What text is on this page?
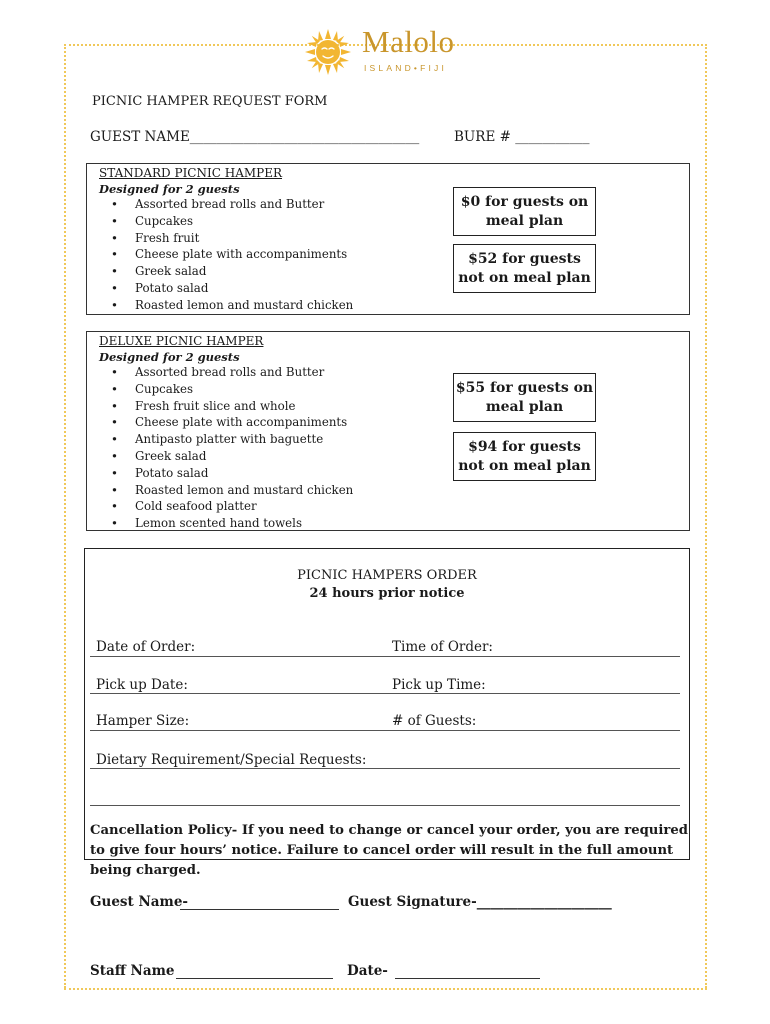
Malolo
ISLAND•FIJI
PICNIC HAMPER REQUEST FORM
GUEST NAME__________________________________	BURE # ___________
STANDARD PICNIC HAMPER
Designed for 2 guests
• Assorted bread rolls and Butter
• Cupcakes
• Fresh fruit
• Cheese plate with accompaniments
• Greek salad
• Potato salad
• Roasted lemon and mustard chicken
$0 for guests on meal plan
$52 for guests not on meal plan
DELUXE PICNIC HAMPER
Designed for 2 guests
• Assorted bread rolls and Butter
• Cupcakes
• Fresh fruit slice and whole
• Cheese plate with accompaniments
• Antipasto platter with baguette
• Greek salad
• Potato salad
• Roasted lemon and mustard chicken
• Cold seafood platter
• Lemon scented hand towels
$55 for guests on meal plan
$94 for guests not on meal plan
PICNIC HAMPERS ORDER
24 hours prior notice
Date of Order:	Time of Order:
Pick up Date:	Pick up Time:
Hamper Size:	# of Guests:
Dietary Requirement/Special Requests:
Cancellation Policy- If you need to change or cancel your order, you are required to give four hours’ notice. Failure to cancel order will result in the full amount being charged.
Guest Name-	Guest Signature-____________________
Staff Name	Date-
